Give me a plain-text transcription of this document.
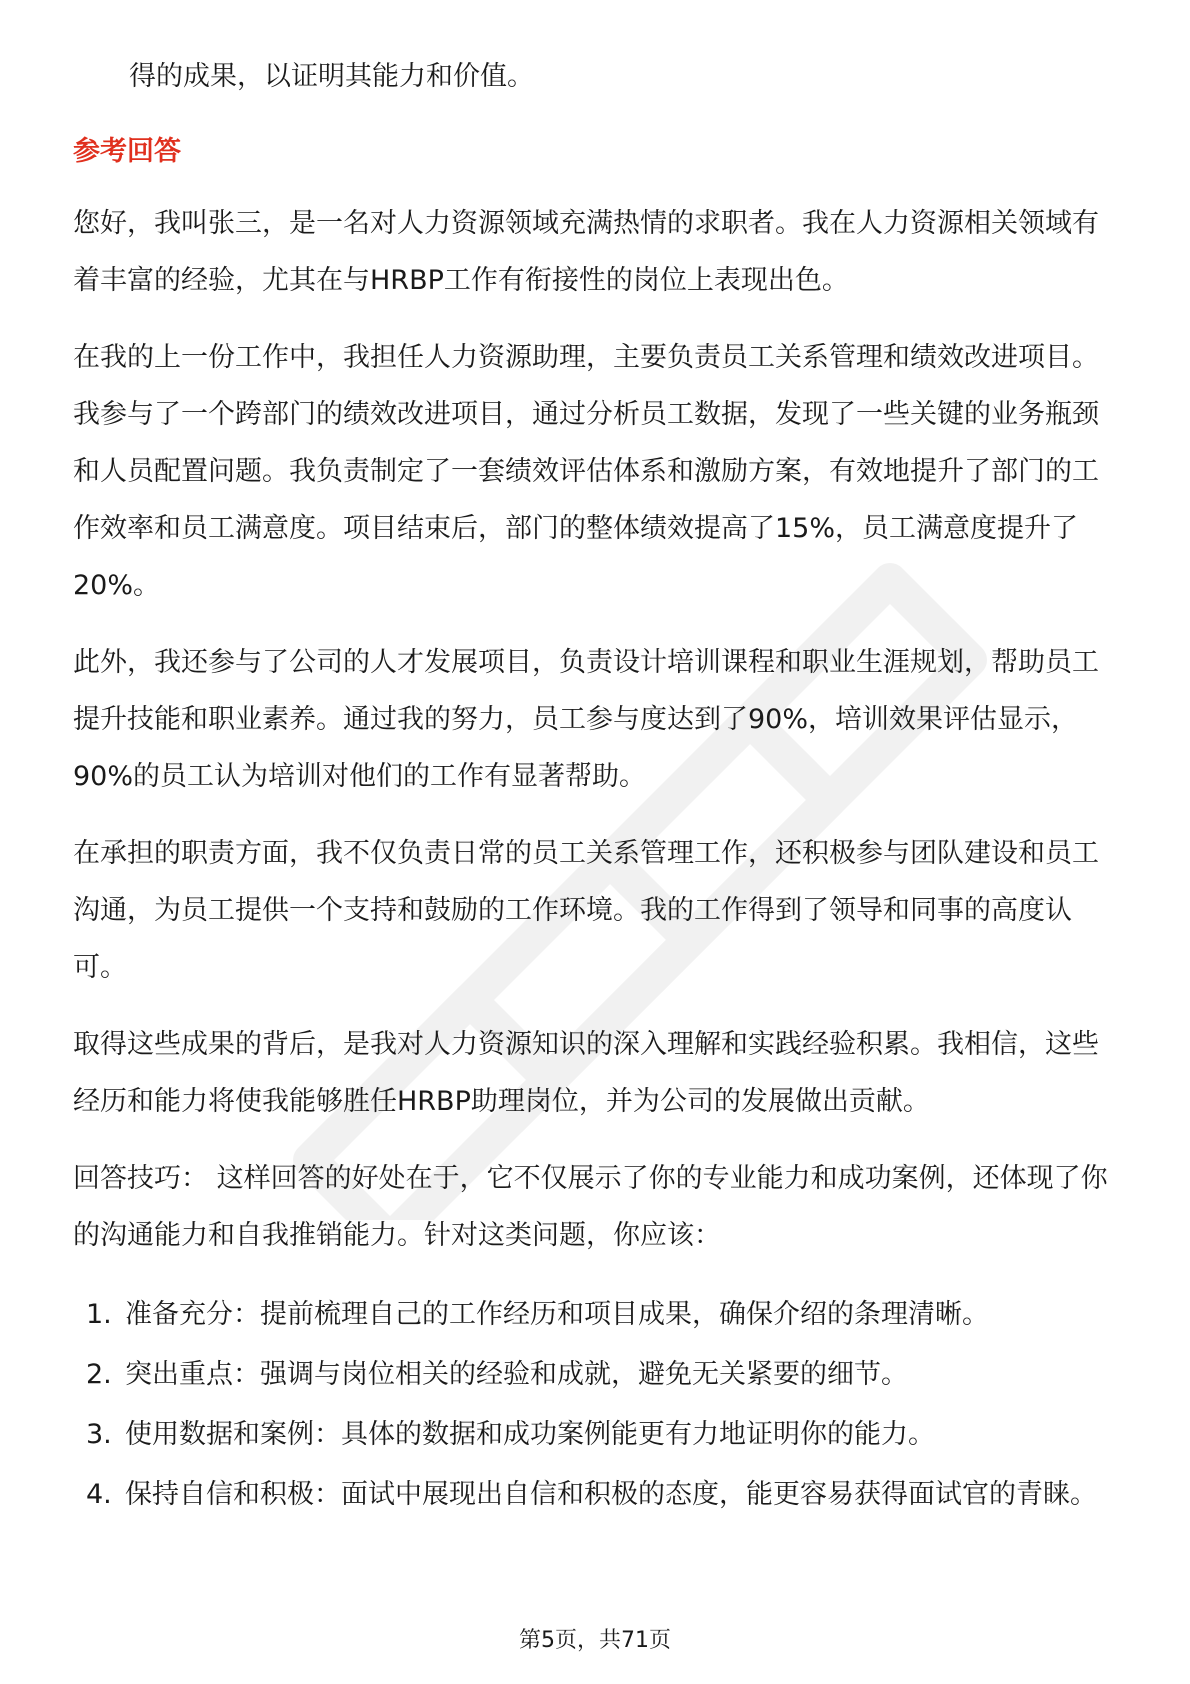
得的成果，以证明其能力和价值。

参考回答

您好，我叫张三，是一名对人力资源领域充满热情的求职者。我在人力资源相关领域有着丰富的经验，尤其在与HRBP工作有衔接性的岗位上表现出色。

在我的上一份工作中，我担任人力资源助理，主要负责员工关系管理和绩效改进项目。我参与了一个跨部门的绩效改进项目，通过分析员工数据，发现了一些关键的业务瓶颈和人员配置问题。我负责制定了一套绩效评估体系和激励方案，有效地提升了部门的工作效率和员工满意度。项目结束后，部门的整体绩效提高了15%，员工满意度提升了20%。

此外，我还参与了公司的人才发展项目，负责设计培训课程和职业生涯规划，帮助员工提升技能和职业素养。通过我的努力，员工参与度达到了90%，培训效果评估显示，90%的员工认为培训对他们的工作有显著帮助。

在承担的职责方面，我不仅负责日常的员工关系管理工作，还积极参与团队建设和员工沟通，为员工提供一个支持和鼓励的工作环境。我的工作得到了领导和同事的高度认可。

取得这些成果的背后，是我对人力资源知识的深入理解和实践经验积累。我相信，这些经历和能力将使我能够胜任HRBP助理岗位，并为公司的发展做出贡献。

回答技巧： 这样回答的好处在于，它不仅展示了你的专业能力和成功案例，还体现了你的沟通能力和自我推销能力。针对这类问题，你应该：

1. 准备充分：提前梳理自己的工作经历和项目成果，确保介绍的条理清晰。
2. 突出重点：强调与岗位相关的经验和成就，避免无关紧要的细节。
3. 使用数据和案例：具体的数据和成功案例能更有力地证明你的能力。
4. 保持自信和积极：面试中展现出自信和积极的态度，能更容易获得面试官的青睐。
第5页，共71页
